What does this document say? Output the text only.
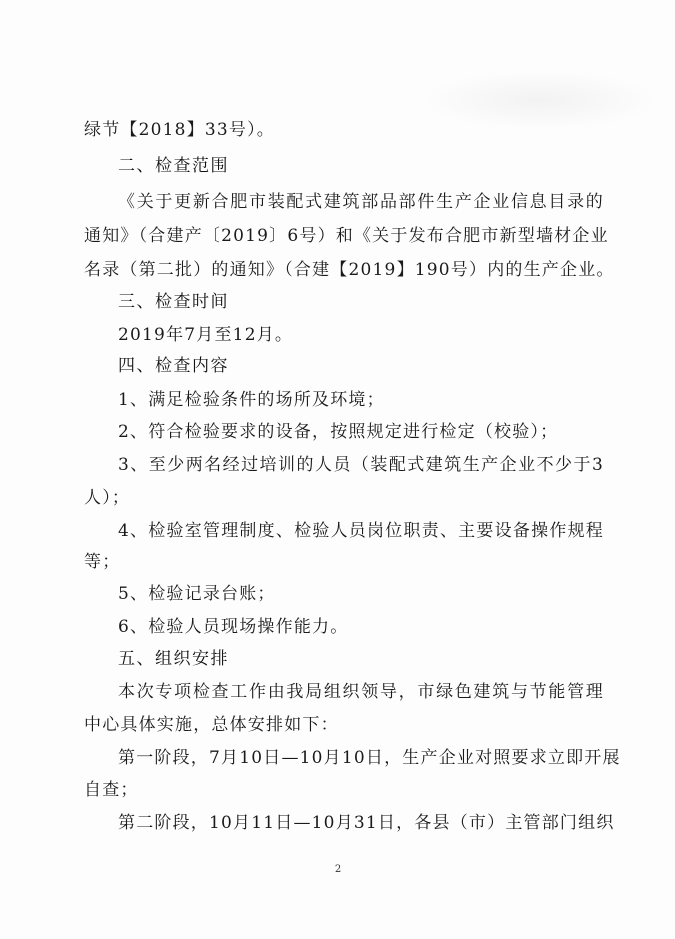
绿节【2018】33号）。
二、检查范围
《关于更新合肥市装配式建筑部品部件生产企业信息目录的
通知》（合建产〔2019〕6号）和《关于发布合肥市新型墙材企业
名录（第二批）的通知》（合建【2019】190号）内的生产企业。
三、检查时间
2019年7月至12月。
四、检查内容
1、满足检验条件的场所及环境；
2、符合检验要求的设备，按照规定进行检定（校验）；
3、至少两名经过培训的人员（装配式建筑生产企业不少于3
人）；
4、检验室管理制度、检验人员岗位职责、主要设备操作规程
等；
5、检验记录台账；
6、检验人员现场操作能力。
五、组织安排
本次专项检查工作由我局组织领导，市绿色建筑与节能管理
中心具体实施，总体安排如下：
第一阶段，7月10日—10月10日，生产企业对照要求立即开展
自查；
第二阶段，10月11日—10月31日，各县（市）主管部门组织
2
